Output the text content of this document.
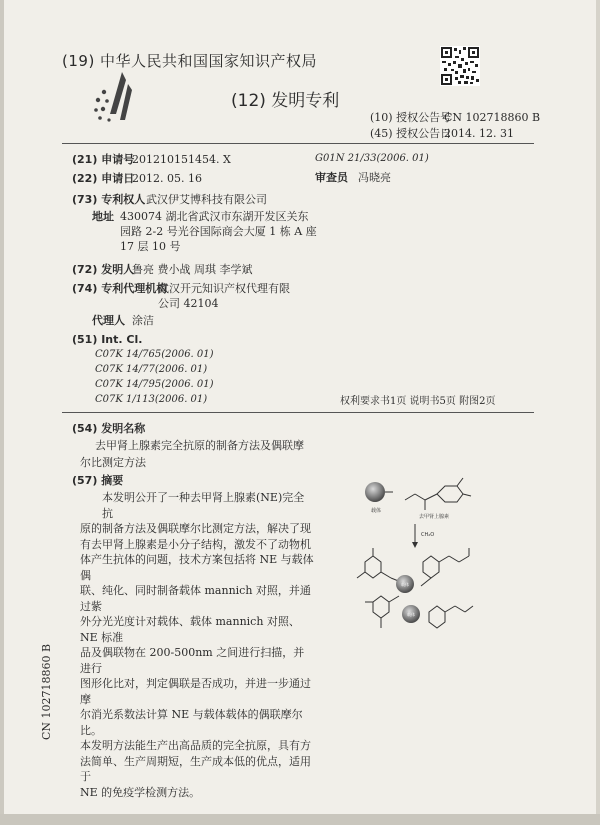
(19) 中华人民共和国国家知识产权局
(12) 发明专利
(10) 授权公告号
CN 102718860 B
(45) 授权公告日
2014. 12. 31
(21) 申请号
201210151454. X
(22) 申请日
2012. 05. 16
(73) 专利权人 武汉伊艾博科技有限公司
地址 430074 湖北省武汉市东湖开发区关东
园路 2-2 号光谷国际商会大厦 1 栋 A 座
17 层 10 号
(72) 发明人
鲁亮 费小战 周琪 李学斌
(74) 专利代理机构
武汉开元知识产权代理有限
公司 42104
代理人 涂洁
(51) Int. Cl.
C07K 14/765(2006. 01)
C07K 14/77(2006. 01)
C07K 14/795(2006. 01)
C07K 1/113(2006. 01)
G01N 21/33(2006. 01)
审查员 冯晓亮
权利要求书1页 说明书5页 附图2页
(54) 发明名称
去甲肾上腺素完全抗原的制备方法及偶联摩
尔比测定方法
(57) 摘要
本发明公开了一种去甲肾上腺素(NE)完全抗
原的制备方法及偶联摩尔比测定方法，解决了现
有去甲肾上腺素是小分子结构，激发不了动物机
体产生抗体的问题，技术方案包括将 NE 与载体偶
联、纯化、同时制备载体 mannich 对照，并通过紫
外分光光度计对载体、载体 mannich 对照、NE 标准
品及偶联物在 200-500nm 之间进行扫描，并进行
图形化比对，判定偶联是否成功，并进一步通过摩
尔消光系数法计算 NE 与载体载体的偶联摩尔比。
本发明方法能生产出高品质的完全抗原，具有方
法简单、生产周期短，生产成本低的优点，适用于
NE 的免疫学检测方法。
载体
去甲肾上腺素
CH₂O
载体
载体
CN 102718860 B
